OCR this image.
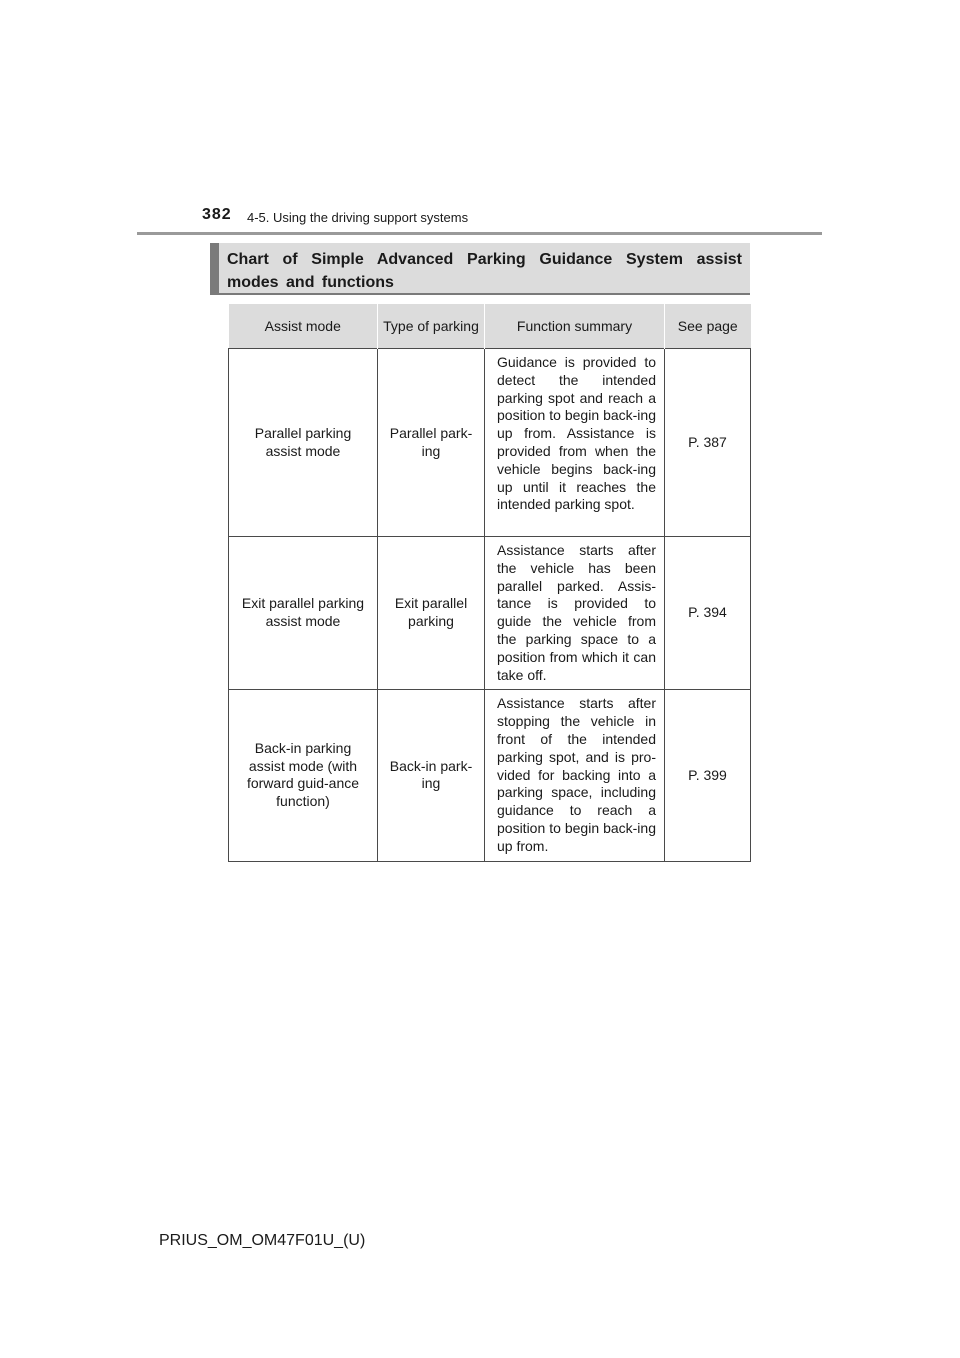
382 4-5. Using the driving support systems
Chart of Simple Advanced Parking Guidance System assist modes and functions
Assist mode	Type of parking	Function summary	See page
Parallel parking assist mode	Parallel park-ing	Guidance is provided to detect the intended parking spot and reach a position to begin back-ing up from. Assistance is provided from when the vehicle begins back-ing up until it reaches the intended parking spot.	P. 387
Exit parallel parking assist mode	Exit parallel parking	Assistance starts after the vehicle has been parallel parked. Assis-tance is provided to guide the vehicle from the parking space to a position from which it can take off.	P. 394
Back-in parking assist mode (with forward guid-ance function)	Back-in park-ing	Assistance starts after stopping the vehicle in front of the intended parking spot, and is pro-vided for backing into a parking space, including guidance to reach a position to begin back-ing up from.	P. 399
PRIUS_OM_OM47F01U_(U)
